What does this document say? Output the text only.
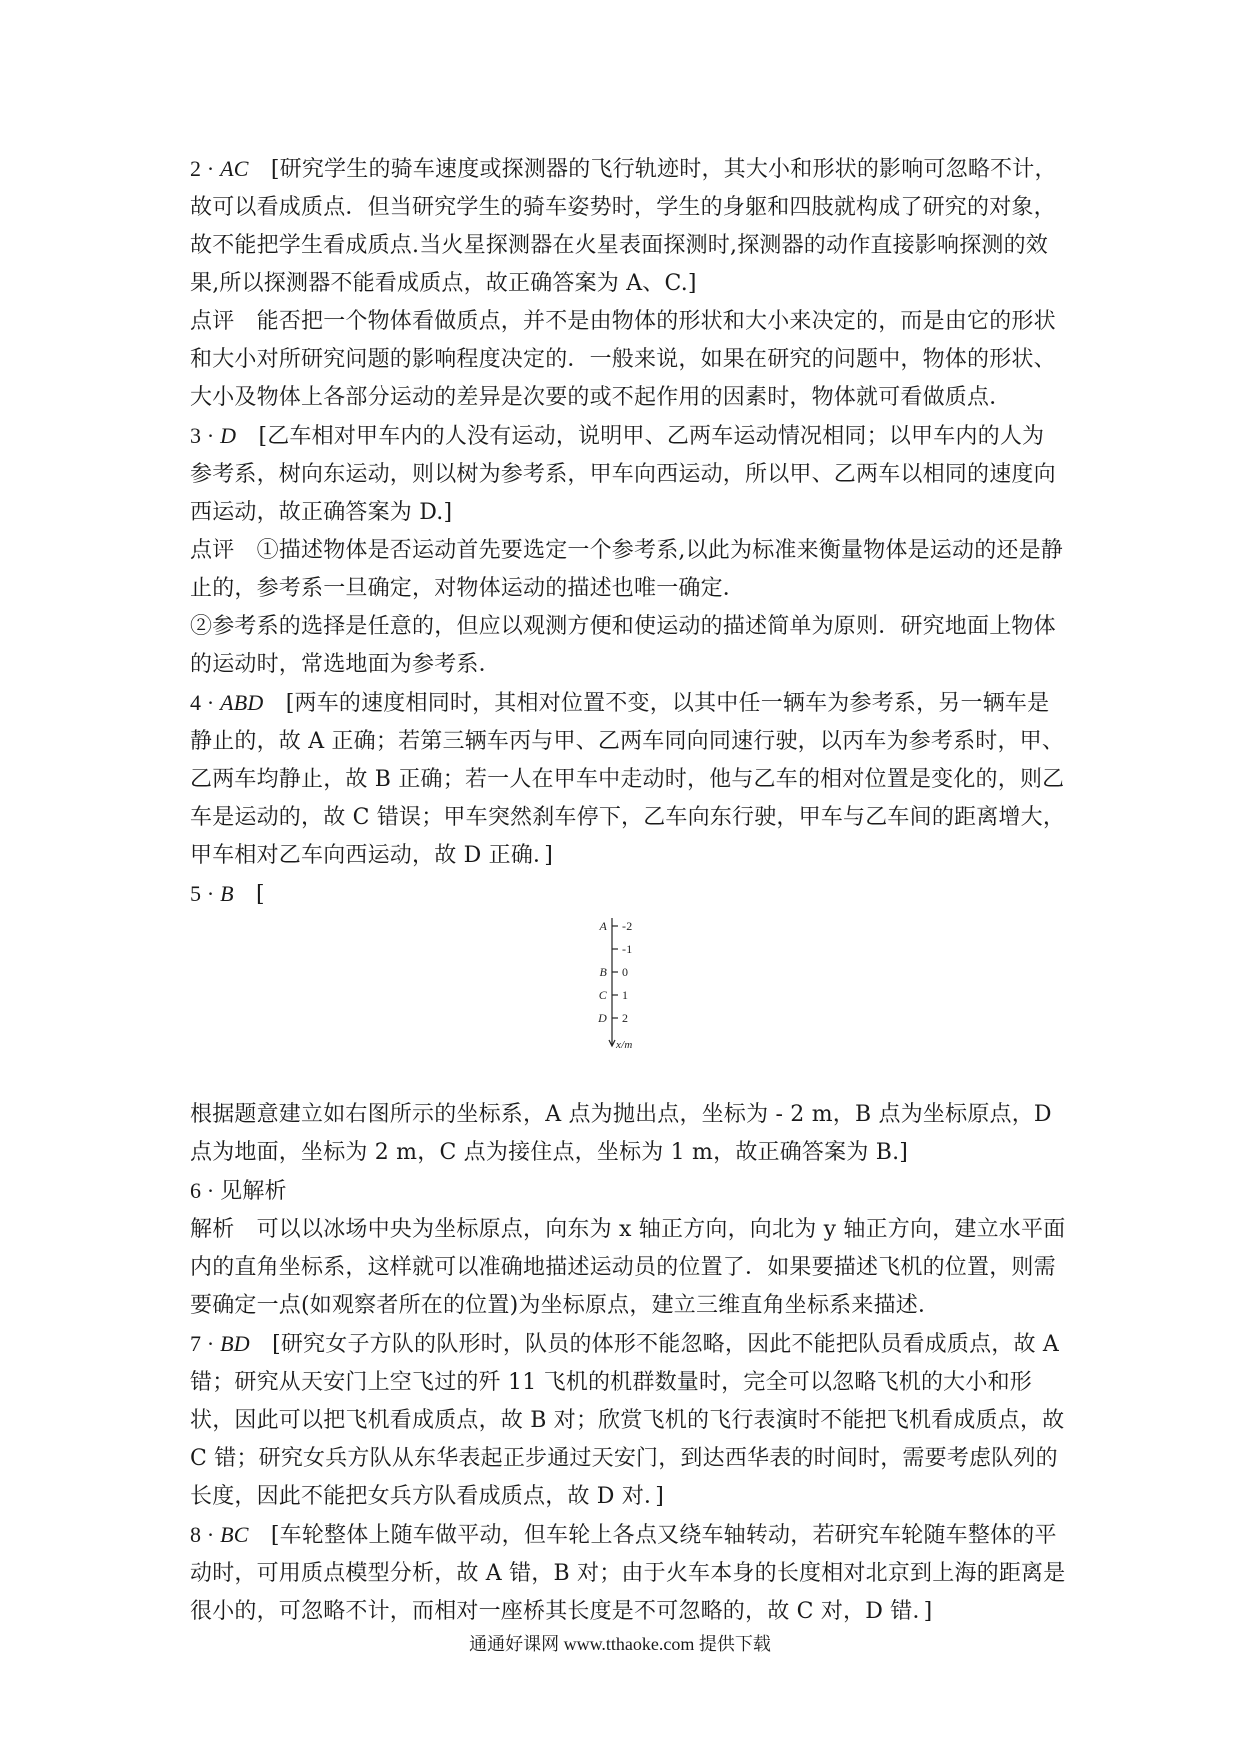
2 · AC　 [研究学生的骑车速度或探测器的飞行轨迹时，其大小和形状的影响可忽略不计，故可以看成质点．但当研究学生的骑车姿势时，学生的身躯和四肢就构成了研究的对象，故不能把学生看成质点.当火星探测器在火星表面探测时,探测器的动作直接影响探测的效果,所以探测器不能看成质点，故正确答案为 A、C.]

点评　能否把一个物体看做质点，并不是由物体的形状和大小来决定的，而是由它的形状和大小对所研究问题的影响程度决定的．一般来说，如果在研究的问题中，物体的形状、大小及物体上各部分运动的差异是次要的或不起作用的因素时，物体就可看做质点．

3 · D　 [乙车相对甲车内的人没有运动，说明甲、乙两车运动情况相同；以甲车内的人为参考系，树向东运动，则以树为参考系，甲车向西运动，所以甲、乙两车以相同的速度向西运动，故正确答案为 D.]

点评　①描述物体是否运动首先要选定一个参考系,以此为标准来衡量物体是运动的还是静止的，参考系一旦确定，对物体运动的描述也唯一确定．

②参考系的选择是任意的，但应以观测方便和使运动的描述简单为原则．研究地面上物体的运动时，常选地面为参考系．

4 · ABD　 [两车的速度相同时，其相对位置不变，以其中任一辆车为参考系，另一辆车是静止的，故 A 正确；若第三辆车丙与甲、乙两车同向同速行驶，以丙车为参考系时，甲、乙两车均静止，故 B 正确；若一人在甲车中走动时，他与乙车的相对位置是变化的，则乙车是运动的，故 C 错误；甲车突然刹车停下，乙车向东行驶，甲车与乙车间的距离增大，甲车相对乙车向西运动，故 D 正确．]

5 · B　 [

-2
A
-1
0
B
1
C
2
D
x/m

根据题意建立如右图所示的坐标系，A 点为抛出点，坐标为 - 2 m，B 点为坐标原点，D 点为地面，坐标为 2 m，C 点为接住点，坐标为 1 m，故正确答案为 B.]

6 · 见解析

解析　可以以冰场中央为坐标原点，向东为 x 轴正方向，向北为 y 轴正方向，建立水平面内的直角坐标系，这样就可以准确地描述运动员的位置了．如果要描述飞机的位置，则需要确定一点(如观察者所在的位置)为坐标原点，建立三维直角坐标系来描述．

7 · BD　 [研究女子方队的队形时，队员的体形不能忽略，因此不能把队员看成质点，故 A 错；研究从天安门上空飞过的歼 11 飞机的机群数量时，完全可以忽略飞机的大小和形状，因此可以把飞机看成质点，故 B 对；欣赏飞机的飞行表演时不能把飞机看成质点，故 C 错；研究女兵方队从东华表起正步通过天安门，到达西华表的时间时，需要考虑队列的长度，因此不能把女兵方队看成质点，故 D 对．]

8 · BC　 [车轮整体上随车做平动，但车轮上各点又绕车轴转动，若研究车轮随车整体的平动时，可用质点模型分析，故 A 错，B 对；由于火车本身的长度相对北京到上海的距离是很小的，可忽略不计，而相对一座桥其长度是不可忽略的，故 C 对，D 错．]

通通好课网 www.tthaoke.com 提供下载
